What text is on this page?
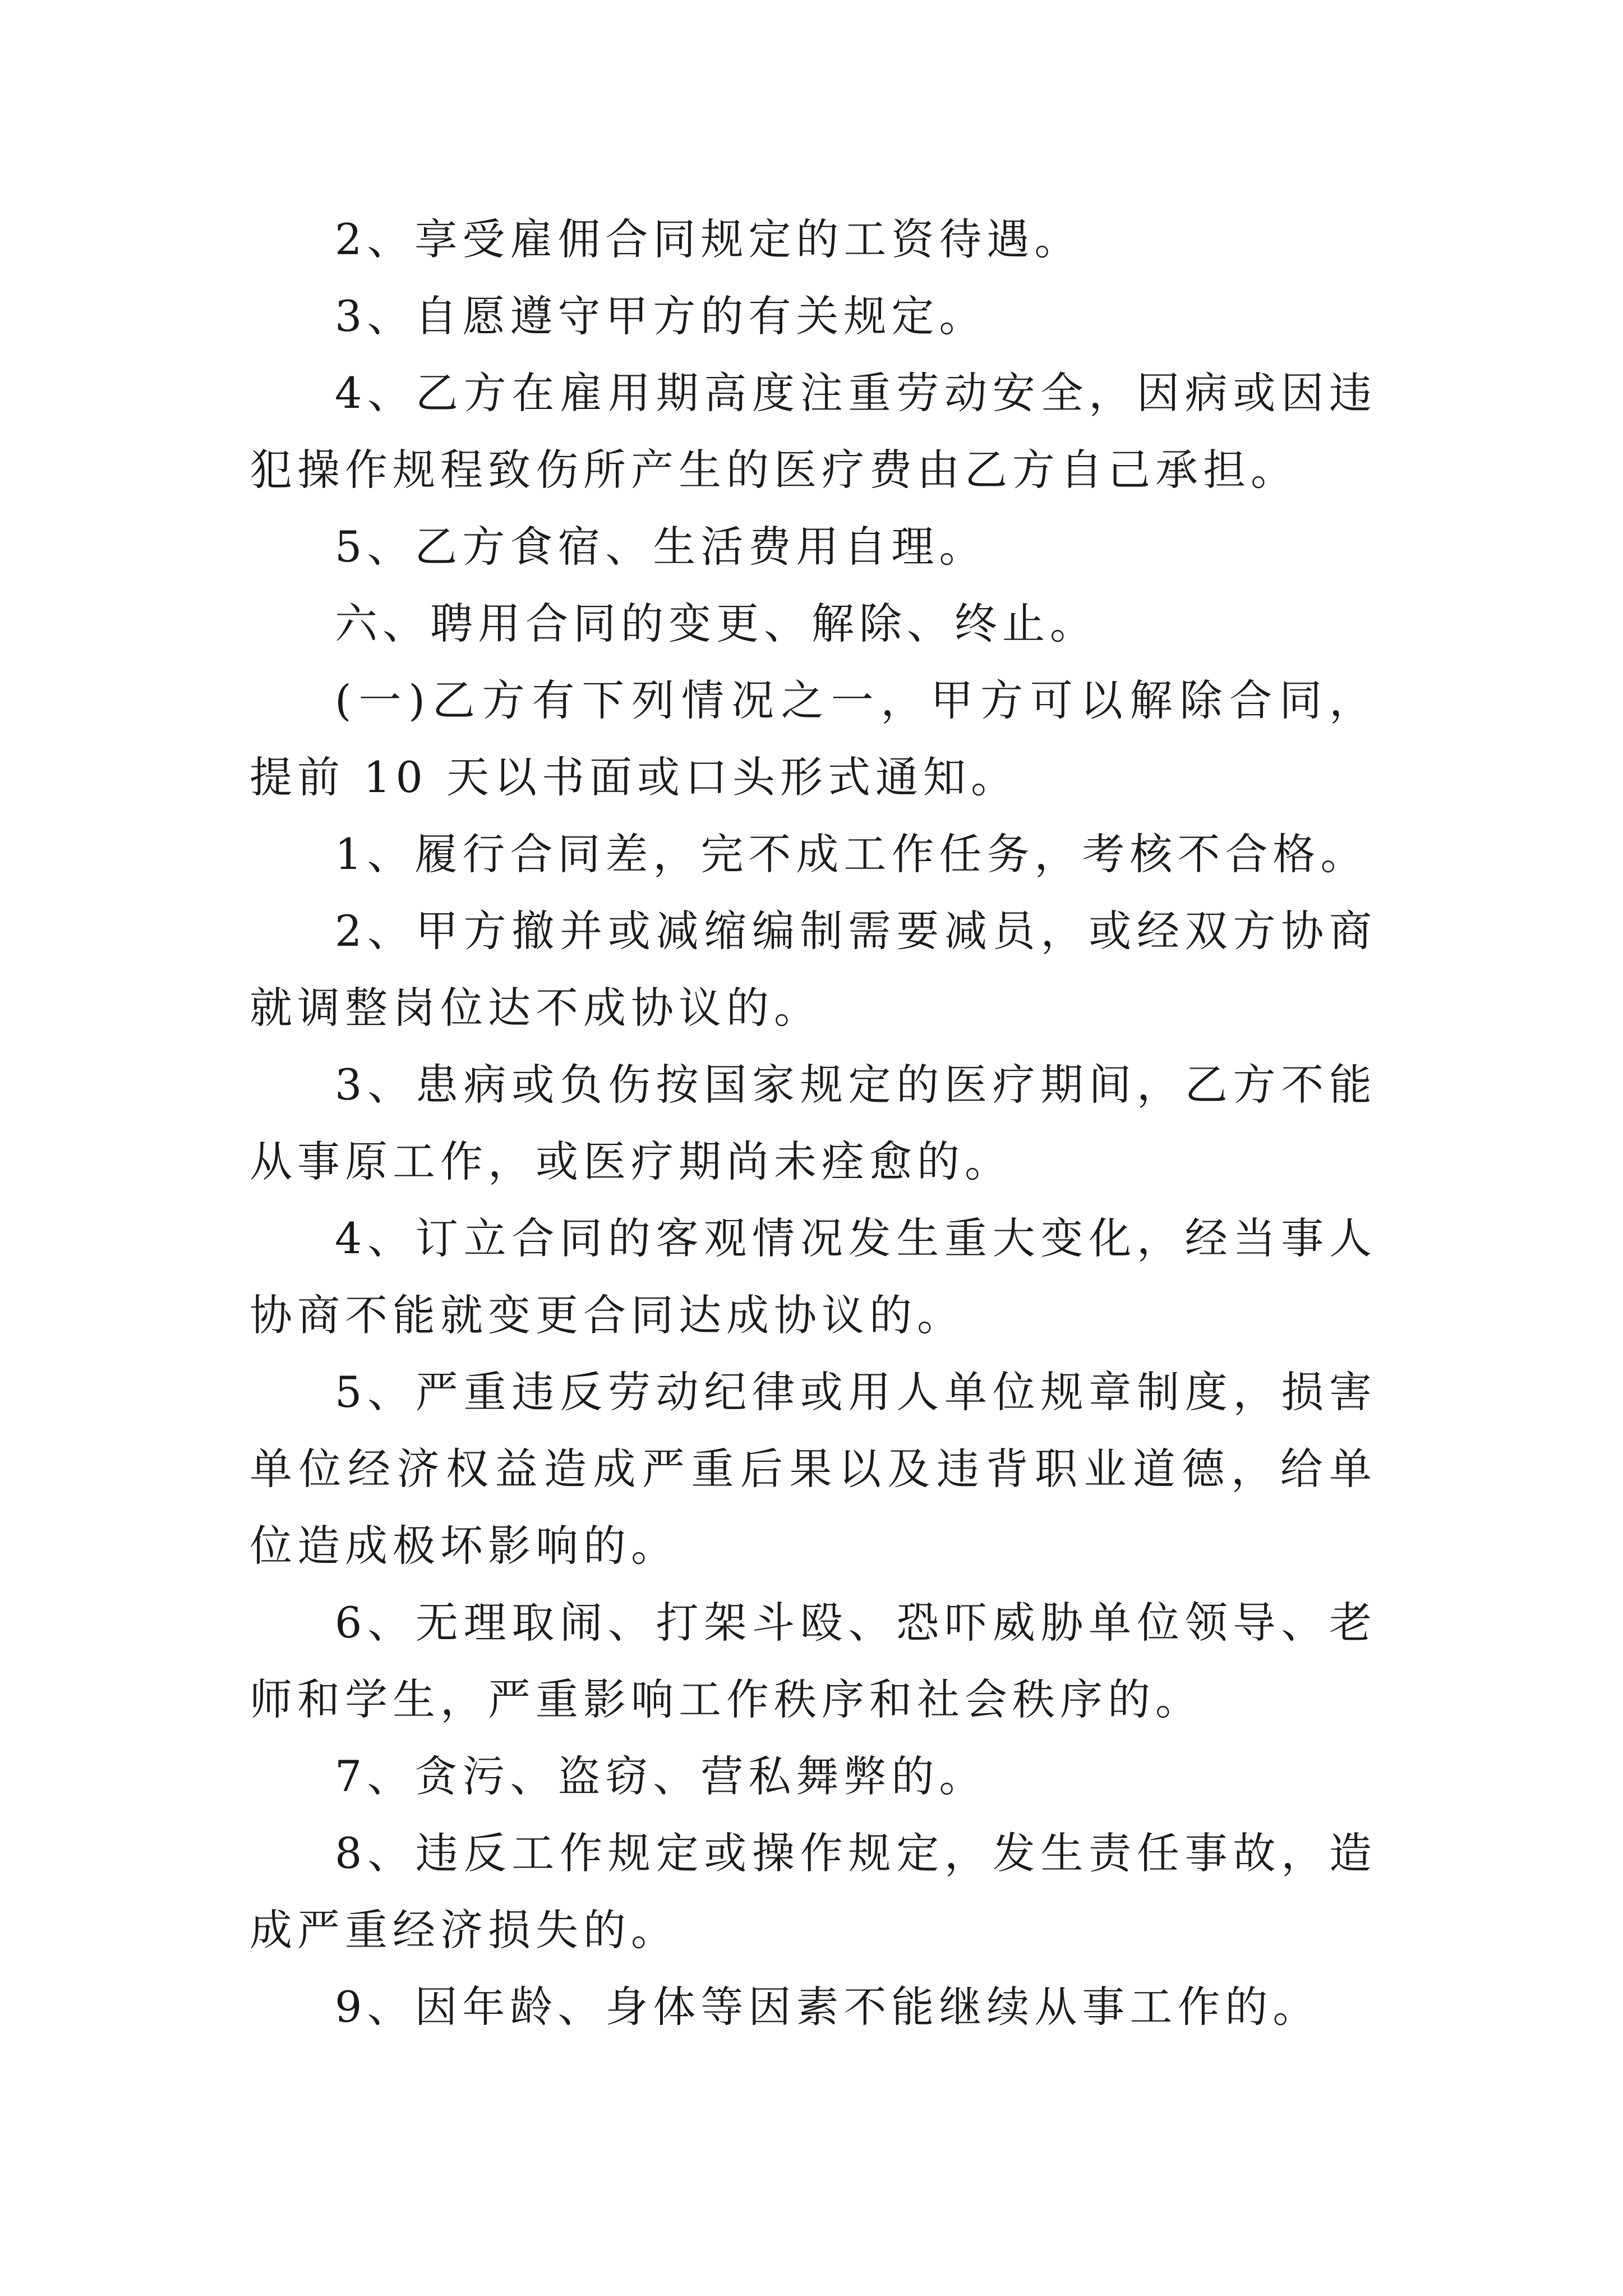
2、享受雇佣合同规定的工资待遇。

3、自愿遵守甲方的有关规定。

4、乙方在雇用期高度注重劳动安全，因病或因违犯操作规程致伤所产生的医疗费由乙方自己承担。

5、乙方食宿、生活费用自理。

六、聘用合同的变更、解除、终止。

(一)乙方有下列情况之一，甲方可以解除合同，提前 10 天以书面或口头形式通知。

1、履行合同差，完不成工作任务，考核不合格。

2、甲方撤并或减缩编制需要减员，或经双方协商就调整岗位达不成协议的。

3、患病或负伤按国家规定的医疗期间，乙方不能从事原工作，或医疗期尚未痊愈的。

4、订立合同的客观情况发生重大变化，经当事人协商不能就变更合同达成协议的。

5、严重违反劳动纪律或用人单位规章制度，损害单位经济权益造成严重后果以及违背职业道德，给单位造成极坏影响的。

6、无理取闹、打架斗殴、恐吓威胁单位领导、老师和学生，严重影响工作秩序和社会秩序的。

7、贪污、盗窃、营私舞弊的。

8、违反工作规定或操作规定，发生责任事故，造成严重经济损失的。

9、因年龄、身体等因素不能继续从事工作的。
